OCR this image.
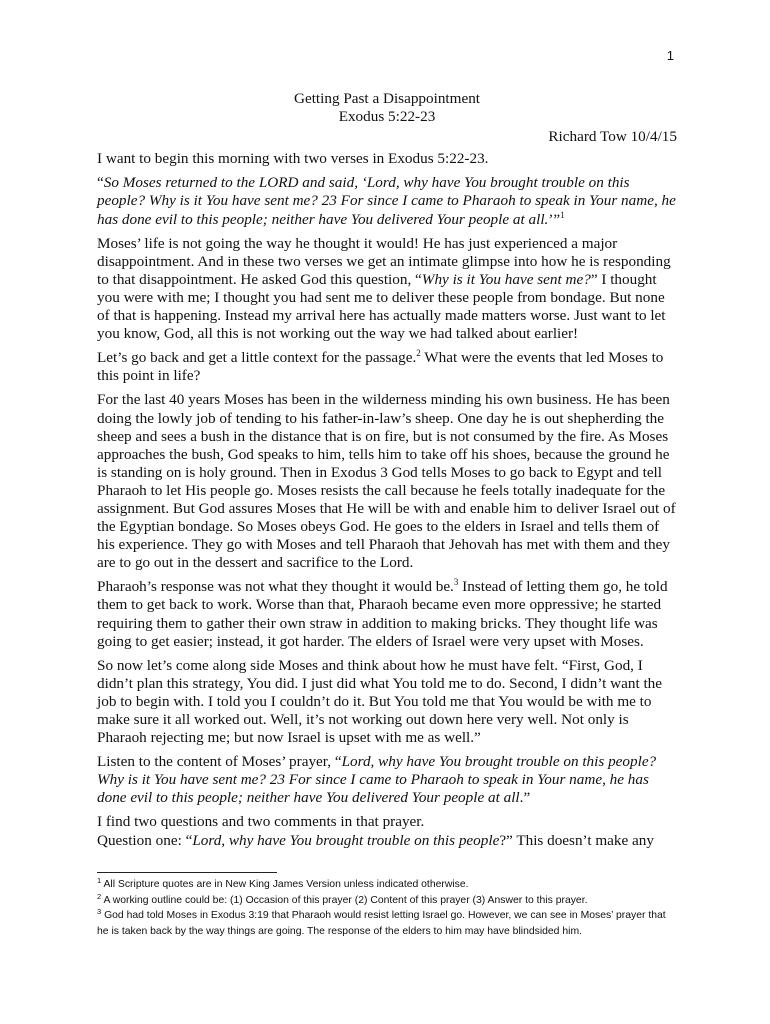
1
Getting Past a Disappointment
Exodus 5:22-23
Richard Tow 10/4/15

I want to begin this morning with two verses in Exodus 5:22-23.

“So Moses returned to the LORD and said, ‘Lord, why have You brought trouble on this people? Why is it You have sent me? 23 For since I came to Pharaoh to speak in Your name, he has done evil to this people; neither have You delivered Your people at all.’”$^1$

Moses’ life is not going the way he thought it would! He has just experienced a major disappointment. And in these two verses we get an intimate glimpse into how he is responding to that disappointment. He asked God this question, “Why is it You have sent me?” I thought you were with me; I thought you had sent me to deliver these people from bondage. But none of that is happening. Instead my arrival here has actually made matters worse. Just want to let you know, God, all this is not working out the way we had talked about earlier!

Let’s go back and get a little context for the passage.$^2$ What were the events that led Moses to this point in life?

For the last 40 years Moses has been in the wilderness minding his own business. He has been doing the lowly job of tending to his father-in-law’s sheep. One day he is out shepherding the sheep and sees a bush in the distance that is on fire, but is not consumed by the fire. As Moses approaches the bush, God speaks to him, tells him to take off his shoes, because the ground he is standing on is holy ground. Then in Exodus 3 God tells Moses to go back to Egypt and tell Pharaoh to let His people go. Moses resists the call because he feels totally inadequate for the assignment. But God assures Moses that He will be with and enable him to deliver Israel out of the Egyptian bondage. So Moses obeys God. He goes to the elders in Israel and tells them of his experience. They go with Moses and tell Pharaoh that Jehovah has met with them and they are to go out in the dessert and sacrifice to the Lord.

Pharaoh’s response was not what they thought it would be.$^3$ Instead of letting them go, he told them to get back to work. Worse than that, Pharaoh became even more oppressive; he started requiring them to gather their own straw in addition to making bricks. They thought life was going to get easier; instead, it got harder. The elders of Israel were very upset with Moses.

So now let’s come along side Moses and think about how he must have felt. “First, God, I didn’t plan this strategy, You did. I just did what You told me to do. Second, I didn’t want the job to begin with. I told you I couldn’t do it. But You told me that You would be with me to make sure it all worked out. Well, it’s not working out down here very well. Not only is Pharaoh rejecting me; but now Israel is upset with me as well.”

Listen to the content of Moses’ prayer, “Lord, why have You brought trouble on this people? Why is it You have sent me? 23 For since I came to Pharaoh to speak in Your name, he has done evil to this people; neither have You delivered Your people at all.”

I find two questions and two comments in that prayer.

Question one: “Lord, why have You brought trouble on this people?” This doesn’t make any

$^1$ All Scripture quotes are in New King James Version unless indicated otherwise.
$^2$ A working outline could be: (1) Occasion of this prayer (2) Content of this prayer (3) Answer to this prayer.
$^3$ God had told Moses in Exodus 3:19 that Pharaoh would resist letting Israel go. However, we can see in Moses’ prayer that he is taken back by the way things are going. The response of the elders to him may have blindsided him.
